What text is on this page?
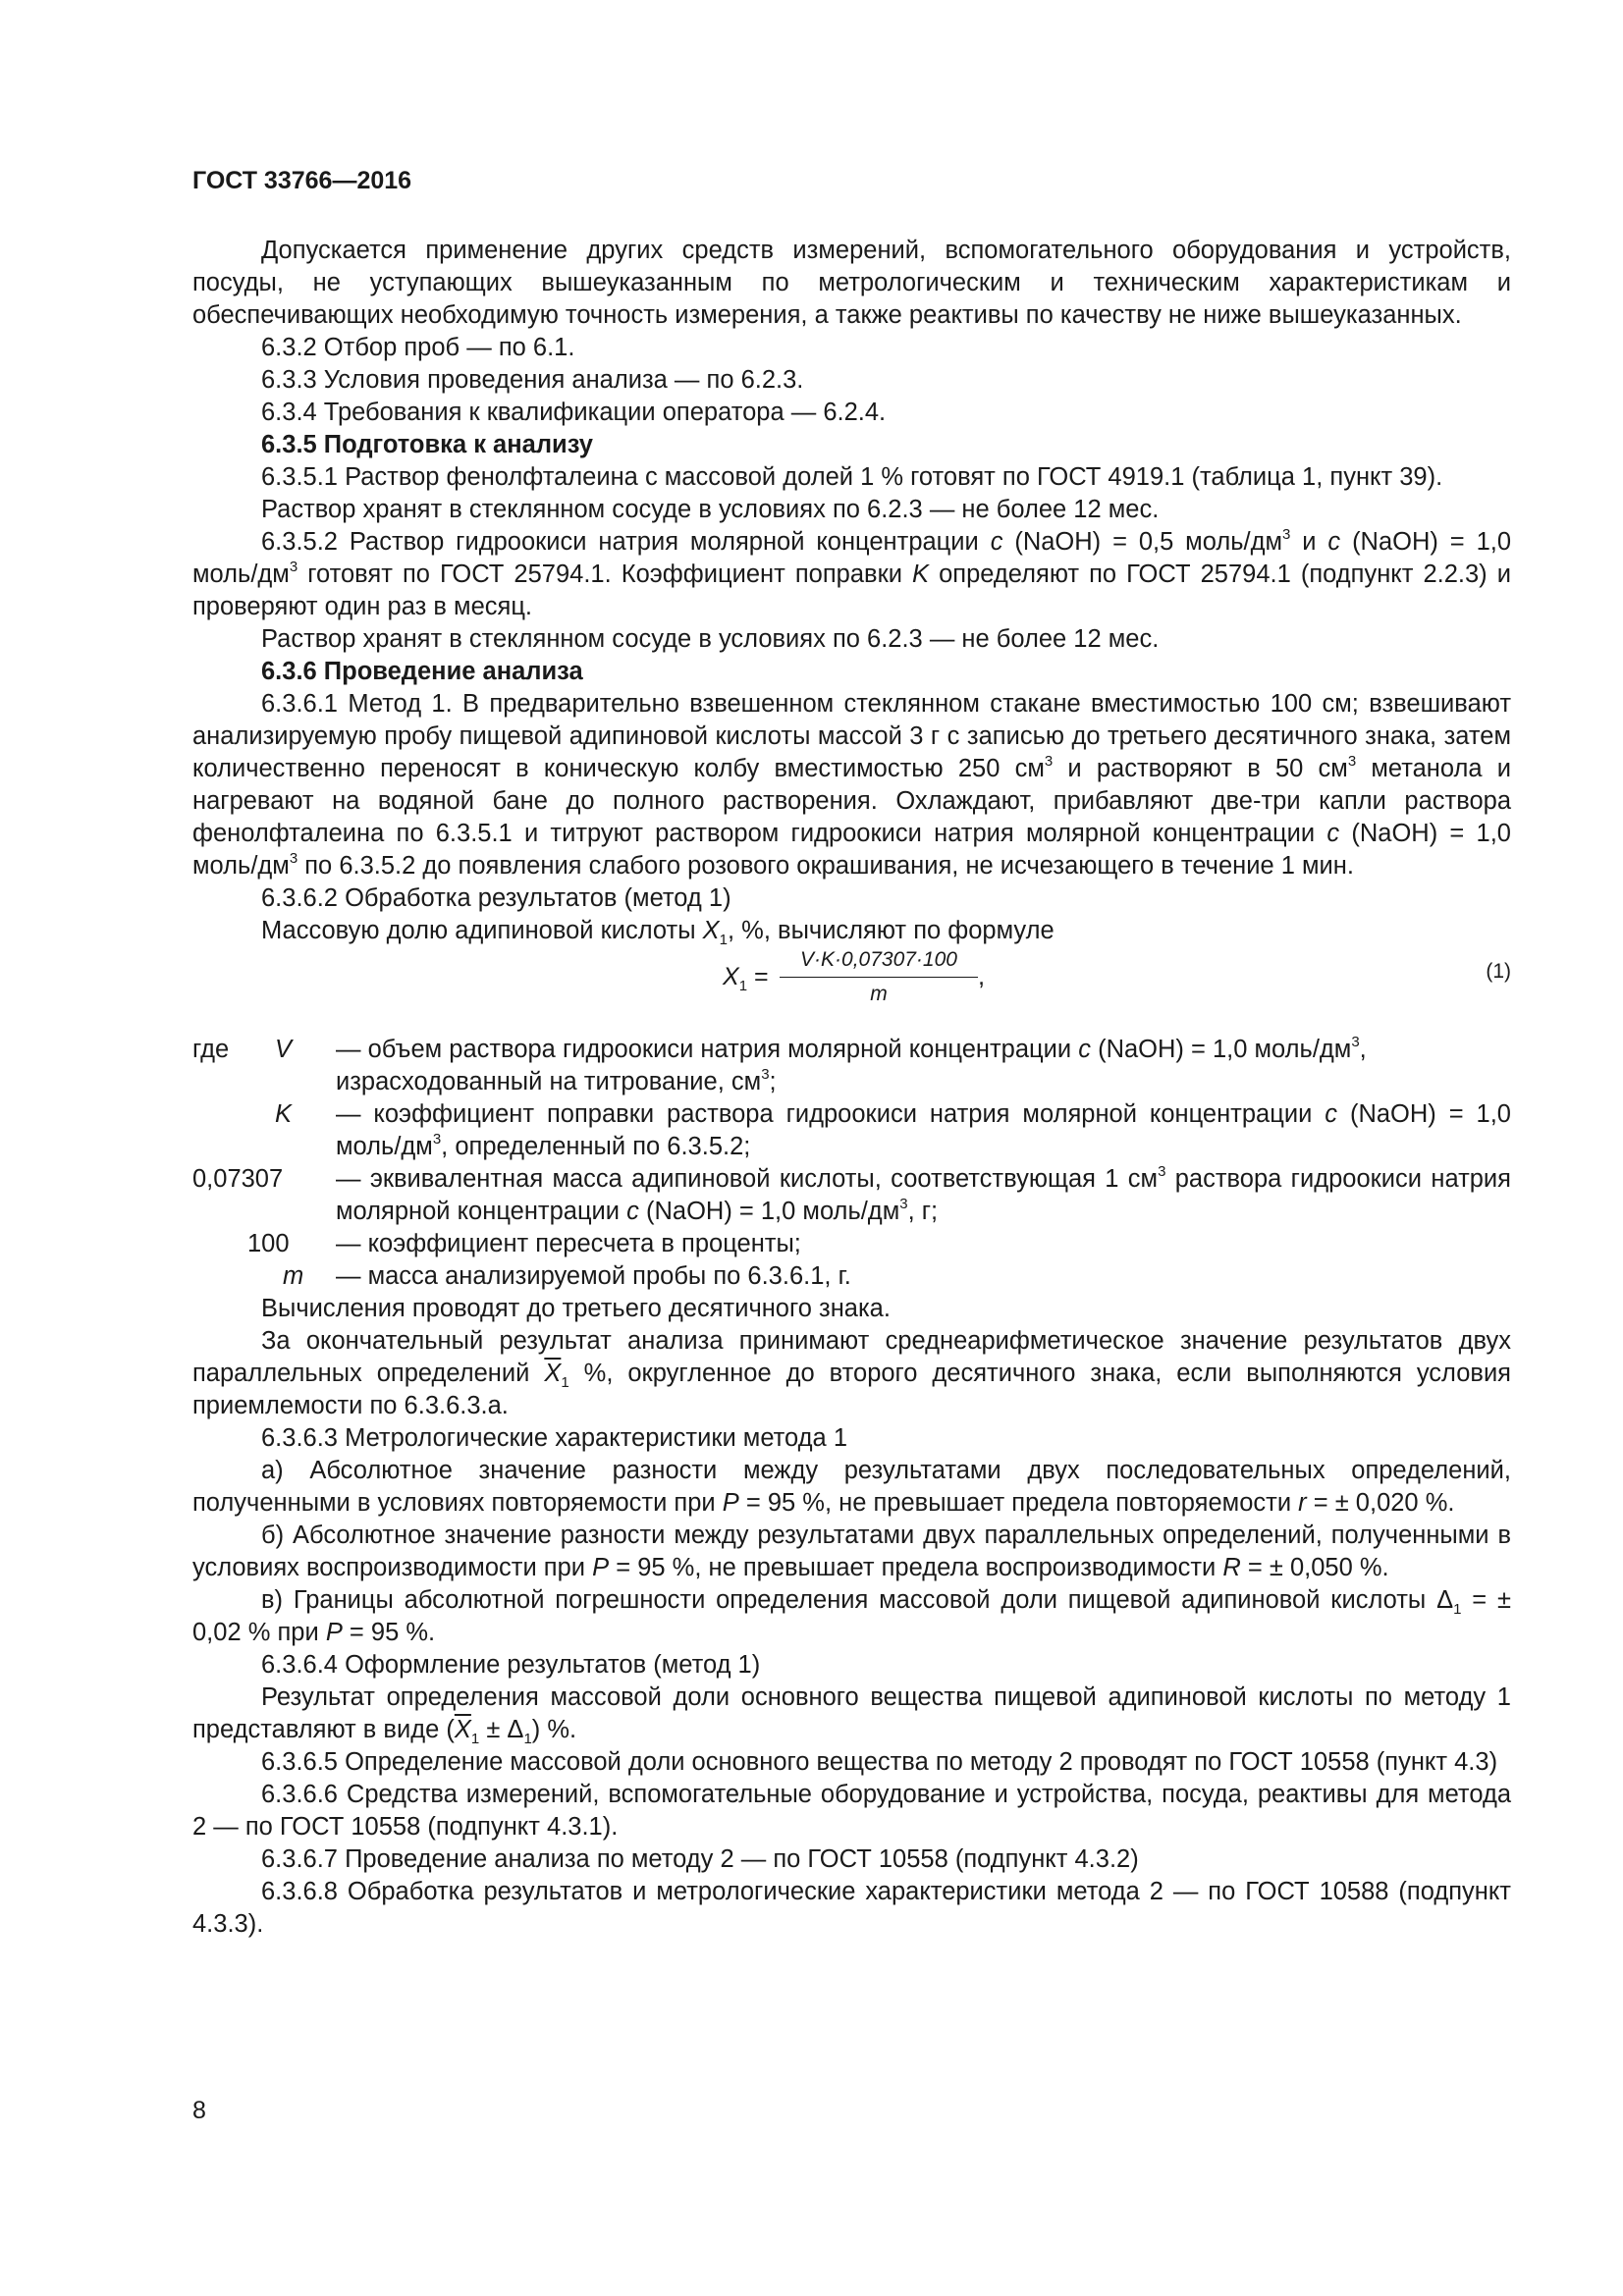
ГОСТ 33766—2016

Допускается применение других средств измерений, вспомогательного оборудования и устройств, посуды, не уступающих вышеуказанным по метрологическим и техническим характеристикам и обеспечивающих необходимую точность измерения, а также реактивы по качеству не ниже вышеуказанных.

6.3.2 Отбор проб — по 6.1.

6.3.3 Условия проведения анализа — по 6.2.3.

6.3.4 Требования к квалификации оператора — 6.2.4.

6.3.5 Подготовка к анализу

6.3.5.1 Раствор фенолфталеина с массовой долей 1 % готовят по ГОСТ 4919.1 (таблица 1, пункт 39).

Раствор хранят в стеклянном сосуде в условиях по 6.2.3 — не более 12 мес.

6.3.5.2 Раствор гидроокиси натрия молярной концентрации c (NaOH) = 0,5 моль/$дм^3$ и c (NaOH) = 1,0 моль/$дм^3$ готовят по ГОСТ 25794.1. Коэффициент поправки K определяют по ГОСТ 25794.1 (подпункт 2.2.3) и проверяют один раз в месяц.

Раствор хранят в стеклянном сосуде в условиях по 6.2.3 — не более 12 мес.

6.3.6 Проведение анализа

6.3.6.1 Метод 1. В предварительно взвешенном стеклянном стакане вместимостью 100 см; взвешивают анализируемую пробу пищевой адипиновой кислоты массой 3 г с записью до третьего десятичного знака, затем количественно переносят в коническую колбу вместимостью 250 $см^3$ и растворяют в 50 $см^3$ метанола и нагревают на водяной бане до полного растворения. Охлаждают, прибавляют две-три капли раствора фенолфталеина по 6.3.5.1 и титруют раствором гидроокиси натрия молярной концентрации c (NaOH) = 1,0 моль/$дм^3$ по 6.3.5.2 до появления слабого розового окрашивания, не исчезающего в течение 1 мин.

6.3.6.2 Обработка результатов (метод 1)

Массовую долю адипиновой кислоты $X_1$, %, вычисляют по формуле

$X_1 = \frac{V\cdot K\cdot 0,07307\cdot 100}{m}$ ,	(1)
где V — объем раствора гидроокиси натрия молярной концентрации c (NaOH) = 1,0 моль/$дм^3$, израсходованный на титрование, $см^3$;
K — коэффициент поправки раствора гидроокиси натрия молярной концентрации c (NaOH) = 1,0 моль/$дм^3$, определенный по 6.3.5.2;
0,07307 — эквивалентная масса адипиновой кислоты, соответствующая 1 $см^3$ раствора гидроокиси натрия молярной концентрации c (NaOH) = 1,0 моль/$дм^3$, г;
100 — коэффициент пересчета в проценты;
m — масса анализируемой пробы по 6.3.6.1, г.

Вычисления проводят до третьего десятичного знака.

За окончательный результат анализа принимают среднеарифметическое значение результатов двух параллельных определений $\overline{X}_1$ %, округленное до второго десятичного знака, если выполняются условия приемлемости по 6.3.6.3.а.

6.3.6.3 Метрологические характеристики метода 1

а) Абсолютное значение разности между результатами двух последовательных определений, полученными в условиях повторяемости при P = 95 %, не превышает предела повторяемости r = ± 0,020 %.

б) Абсолютное значение разности между результатами двух параллельных определений, полученными в условиях воспроизводимости при P = 95 %, не превышает предела воспроизводимости R = ± 0,050 %.

в) Границы абсолютной погрешности определения массовой доли пищевой адипиновой кислоты $\Delta_1$ = ± 0,02 % при P = 95 %.

6.3.6.4 Оформление результатов (метод 1)

Результат определения массовой доли основного вещества пищевой адипиновой кислоты по методу 1 представляют в виде $(\overline{X}_1 \pm \Delta_1)$ %.

6.3.6.5 Определение массовой доли основного вещества по методу 2 проводят по ГОСТ 10558 (пункт 4.3)

6.3.6.6 Средства измерений, вспомогательные оборудование и устройства, посуда, реактивы для метода 2 — по ГОСТ 10558 (подпункт 4.3.1).

6.3.6.7 Проведение анализа по методу 2 — по ГОСТ 10558 (подпункт 4.3.2)

6.3.6.8 Обработка результатов и метрологические характеристики метода 2 — по ГОСТ 10588 (подпункт 4.3.3).

8
